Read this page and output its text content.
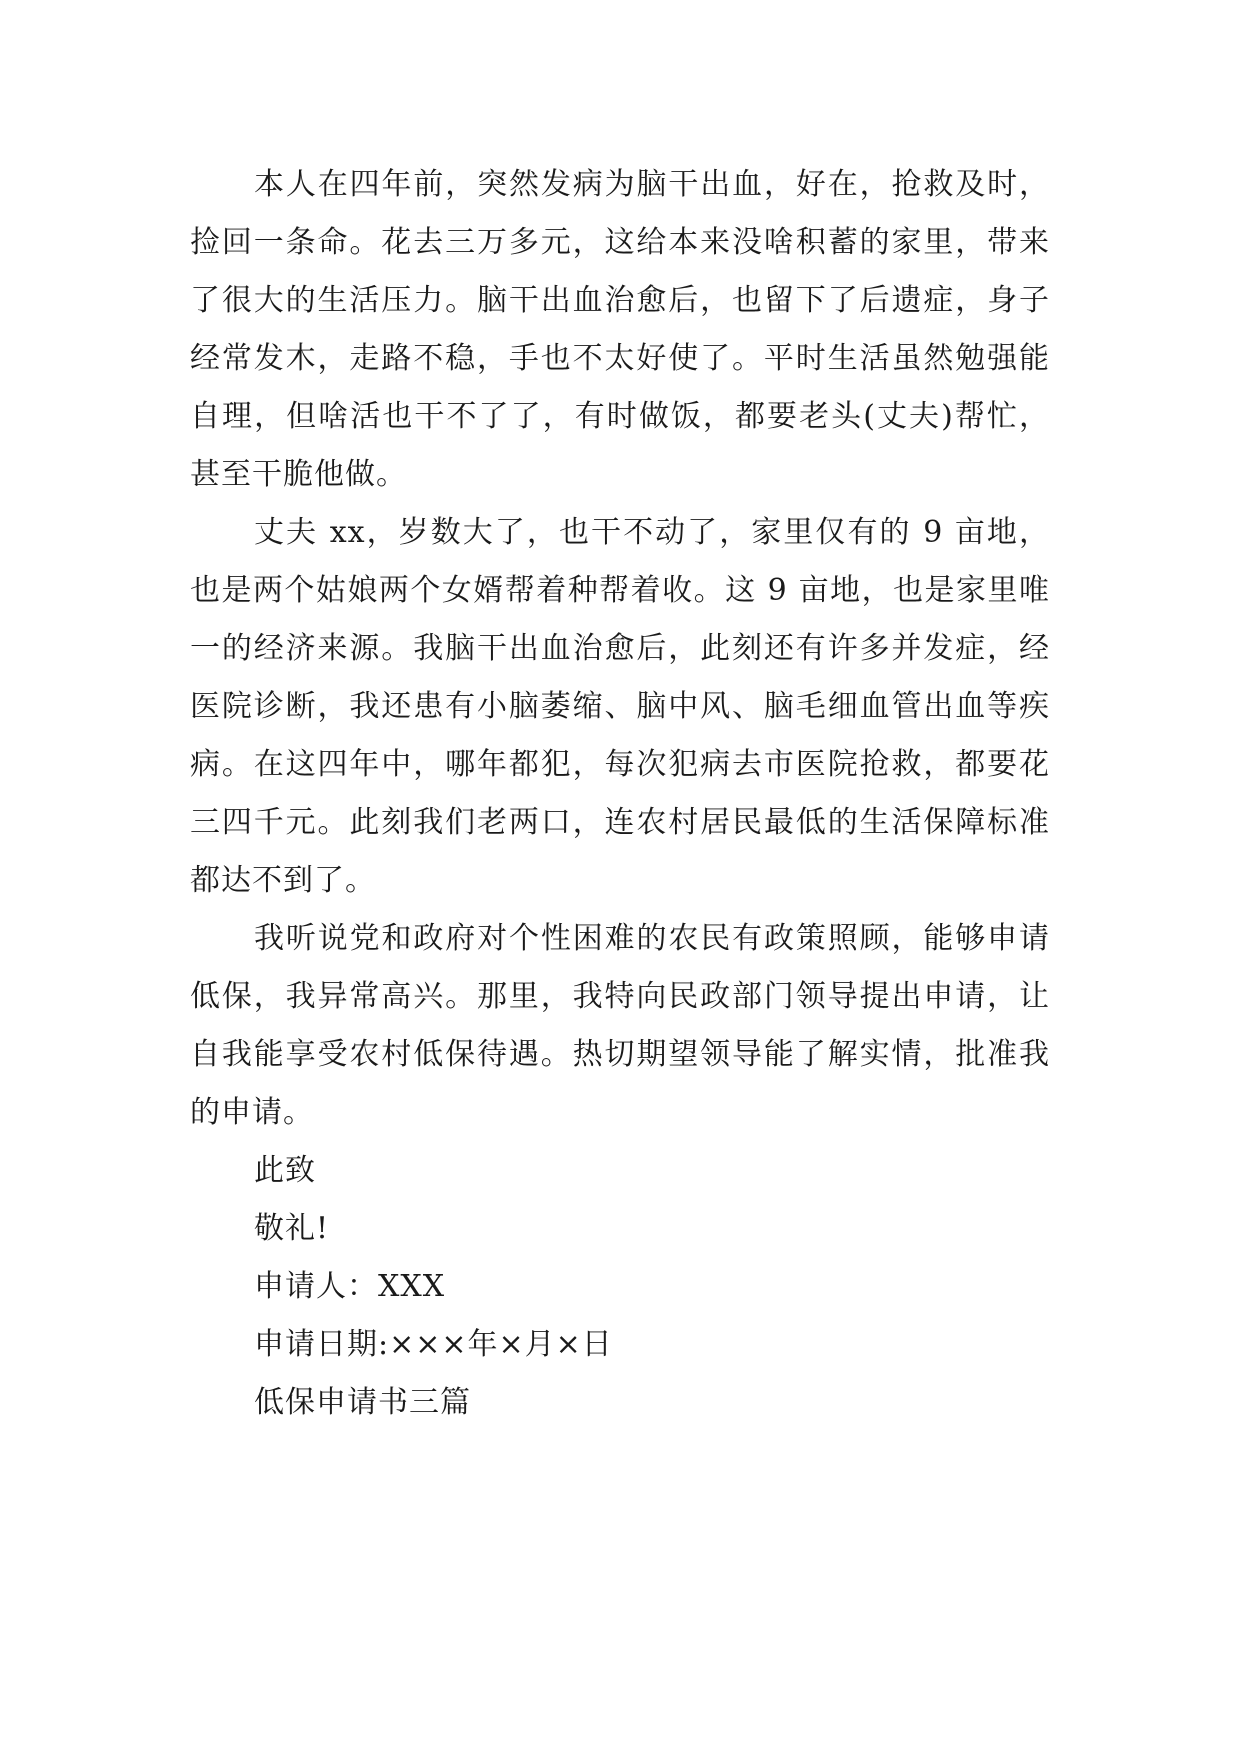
本人在四年前，突然发病为脑干出血，好在，抢救及时，捡回一条命。花去三万多元，这给本来没啥积蓄的家里，带来了很大的生活压力。脑干出血治愈后，也留下了后遗症，身子经常发木，走路不稳，手也不太好使了。平时生活虽然勉强能自理，但啥活也干不了了，有时做饭，都要老头(丈夫)帮忙，甚至干脆他做。

丈夫 xx，岁数大了，也干不动了，家里仅有的 9 亩地，也是两个姑娘两个女婿帮着种帮着收。这 9 亩地，也是家里唯一的经济来源。我脑干出血治愈后，此刻还有许多并发症，经医院诊断，我还患有小脑萎缩、脑中风、脑毛细血管出血等疾病。在这四年中，哪年都犯，每次犯病去市医院抢救，都要花三四千元。此刻我们老两口，连农村居民最低的生活保障标准都达不到了。

我听说党和政府对个性困难的农民有政策照顾，能够申请低保，我异常高兴。那里，我特向民政部门领导提出申请，让自我能享受农村低保待遇。热切期望领导能了解实情，批准我的申请。

此致

敬礼!

申请人：XXX

申请日期:×××年×月×日

低保申请书三篇
